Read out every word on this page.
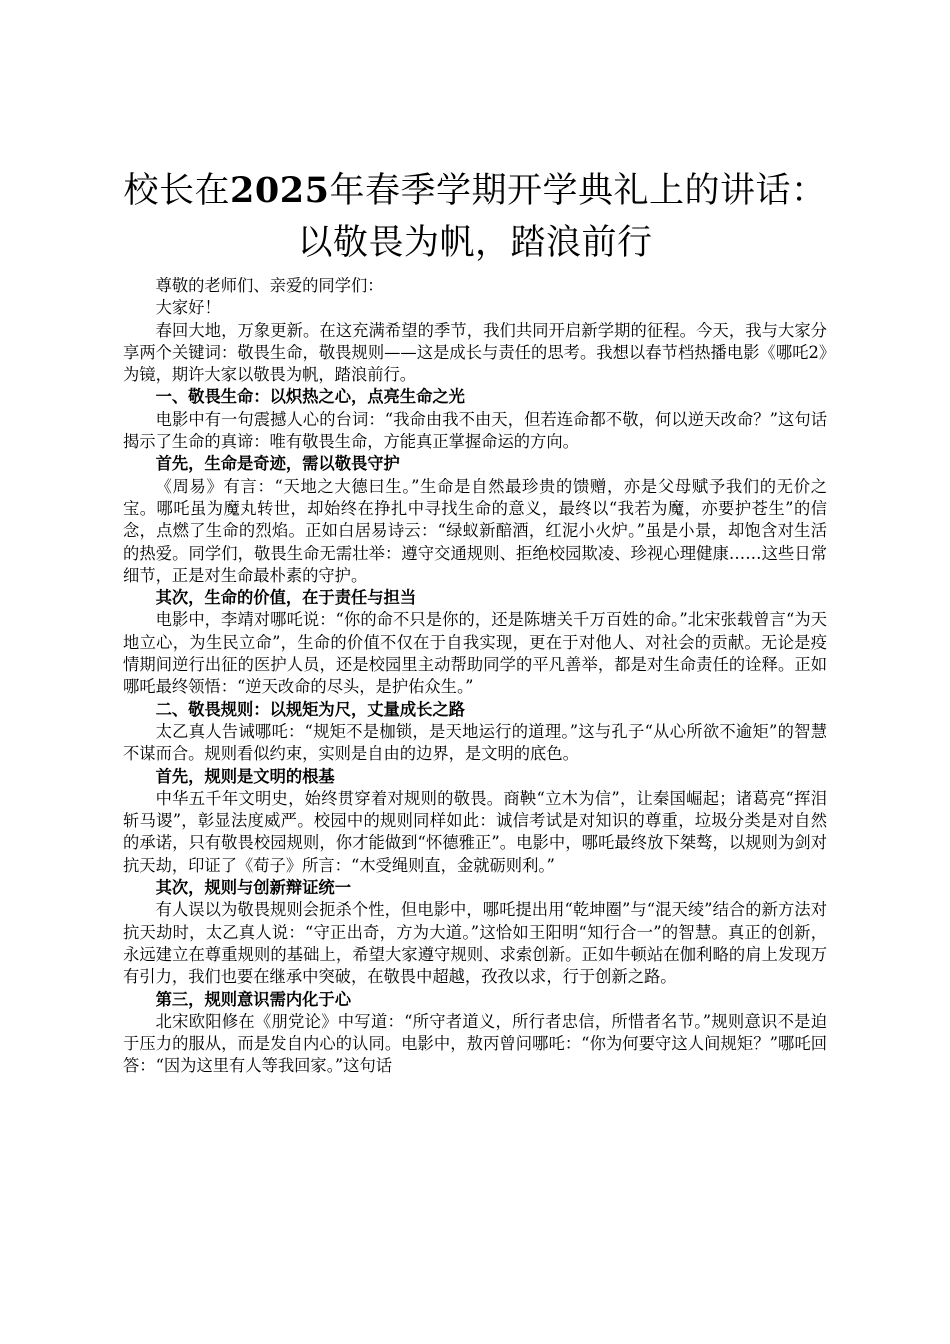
校长在2025年春季学期开学典礼上的讲话：
以敬畏为帆，踏浪前行

尊敬的老师们、亲爱的同学们：

大家好！

春回大地，万象更新。在这充满希望的季节，我们共同开启新学期的征程。今天，我与大家分享两个关键词：敬畏生命，敬畏规则——这是成长与责任的思考。我想以春节档热播电影《哪吒2》为镜，期许大家以敬畏为帆，踏浪前行。

一、敬畏生命：以炽热之心，点亮生命之光

电影中有一句震撼人心的台词：“我命由我不由天，但若连命都不敬，何以逆天改命？”这句话揭示了生命的真谛：唯有敬畏生命，方能真正掌握命运的方向。

首先，生命是奇迹，需以敬畏守护

《周易》有言：“天地之大德曰生。”生命是自然最珍贵的馈赠，亦是父母赋予我们的无价之宝。哪吒虽为魔丸转世，却始终在挣扎中寻找生命的意义，最终以“我若为魔，亦要护苍生”的信念，点燃了生命的烈焰。正如白居易诗云：“绿蚁新醅酒，红泥小火炉。”虽是小景，却饱含对生活的热爱。同学们，敬畏生命无需壮举：遵守交通规则、拒绝校园欺凌、珍视心理健康……这些日常细节，正是对生命最朴素的守护。

其次，生命的价值，在于责任与担当

电影中，李靖对哪吒说：“你的命不只是你的，还是陈塘关千万百姓的命。”北宋张载曾言“为天地立心，为生民立命”，生命的价值不仅在于自我实现，更在于对他人、对社会的贡献。无论是疫情期间逆行出征的医护人员，还是校园里主动帮助同学的平凡善举，都是对生命责任的诠释。正如哪吒最终领悟：“逆天改命的尽头，是护佑众生。”

二、敬畏规则：以规矩为尺，丈量成长之路

太乙真人告诫哪吒：“规矩不是枷锁，是天地运行的道理。”这与孔子“从心所欲不逾矩”的智慧不谋而合。规则看似约束，实则是自由的边界，是文明的底色。

首先，规则是文明的根基

中华五千年文明史，始终贯穿着对规则的敬畏。商鞅“立木为信”，让秦国崛起；诸葛亮“挥泪斩马谡”，彰显法度威严。校园中的规则同样如此：诚信考试是对知识的尊重，垃圾分类是对自然的承诺，只有敬畏校园规则，你才能做到“怀德雅正”。电影中，哪吒最终放下桀骜，以规则为剑对抗天劫，印证了《荀子》所言：“木受绳则直，金就砺则利。”

其次，规则与创新辩证统一

有人误以为敬畏规则会扼杀个性，但电影中，哪吒提出用“乾坤圈”与“混天绫”结合的新方法对抗天劫时，太乙真人说：“守正出奇，方为大道。”这恰如王阳明“知行合一”的智慧。真正的创新，永远建立在尊重规则的基础上，希望大家遵守规则、求索创新。正如牛顿站在伽利略的肩上发现万有引力，我们也要在继承中突破，在敬畏中超越，孜孜以求，行于创新之路。

第三，规则意识需内化于心

北宋欧阳修在《朋党论》中写道：“所守者道义，所行者忠信，所惜者名节。”规则意识不是迫于压力的服从，而是发自内心的认同。电影中，敖丙曾问哪吒：“你为何要守这人间规矩？”哪吒回答：“因为这里有人等我回家。”这句话
